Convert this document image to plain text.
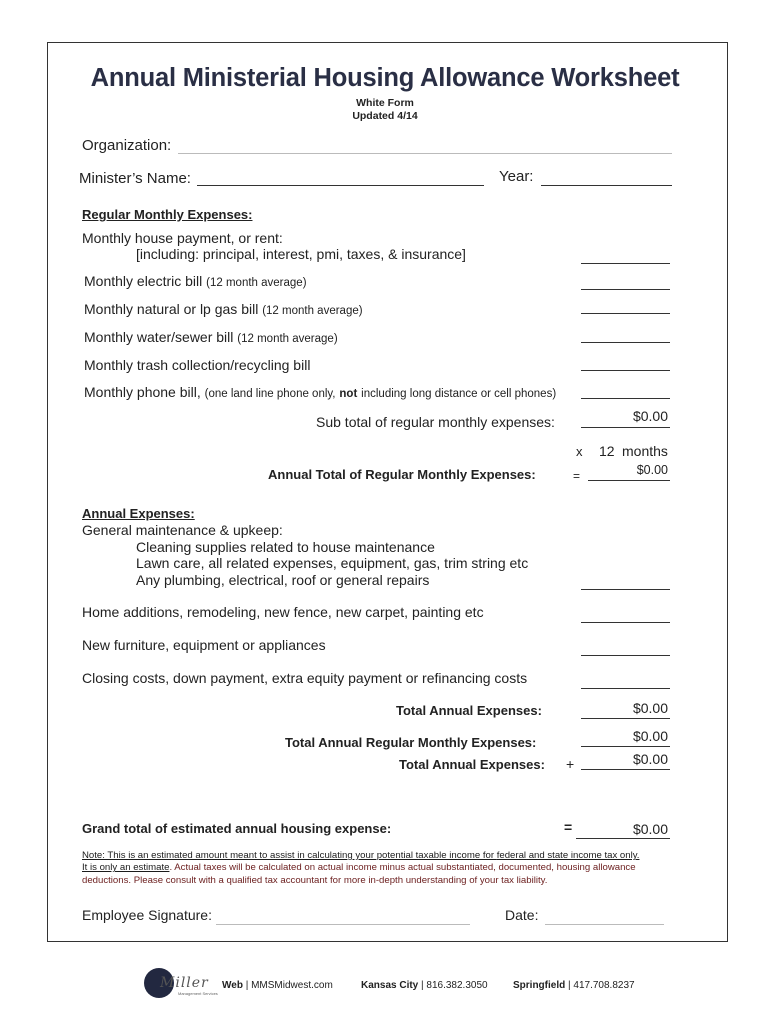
Annual Ministerial Housing Allowance Worksheet
White Form
Updated 4/14
Organization:
Minister’s Name:	Year:
Regular Monthly Expenses:
Monthly house payment, or rent:
[including: principal, interest, pmi, taxes, & insurance]
Monthly electric bill (12 month average)
Monthly natural or lp gas bill (12 month average)
Monthly water/sewer bill (12 month average)
Monthly trash collection/recycling bill
Monthly phone bill, (one land line phone only, not including long distance or cell phones)
Sub total of regular monthly expenses:	$0.00
x 12 months
Annual Total of Regular Monthly Expenses:	=	$0.00
Annual Expenses:
General maintenance & upkeep:
Cleaning supplies related to house maintenance
Lawn care, all related expenses, equipment, gas, trim string etc
Any plumbing, electrical, roof or general repairs
Home additions, remodeling, new fence, new carpet, painting etc
New furniture, equipment or appliances
Closing costs, down payment, extra equity payment or refinancing costs
Total Annual Expenses:	$0.00
Total Annual Regular Monthly Expenses:	$0.00
Total Annual Expenses: +	$0.00
Grand total of estimated annual housing expense:	=	$0.00
Note: This is an estimated amount meant to assist in calculating your potential taxable income for federal and state income tax only.
It is only an estimate. Actual taxes will be calculated on actual income minus actual substantiated, documented, housing allowance deductions. Please consult with a qualified tax accountant for more in-depth understanding of your tax liability.
Employee Signature:	Date:
Miller
Management Services
Web | MMSMidwest.com	Kansas City | 816.382.3050	Springfield | 417.708.8237
